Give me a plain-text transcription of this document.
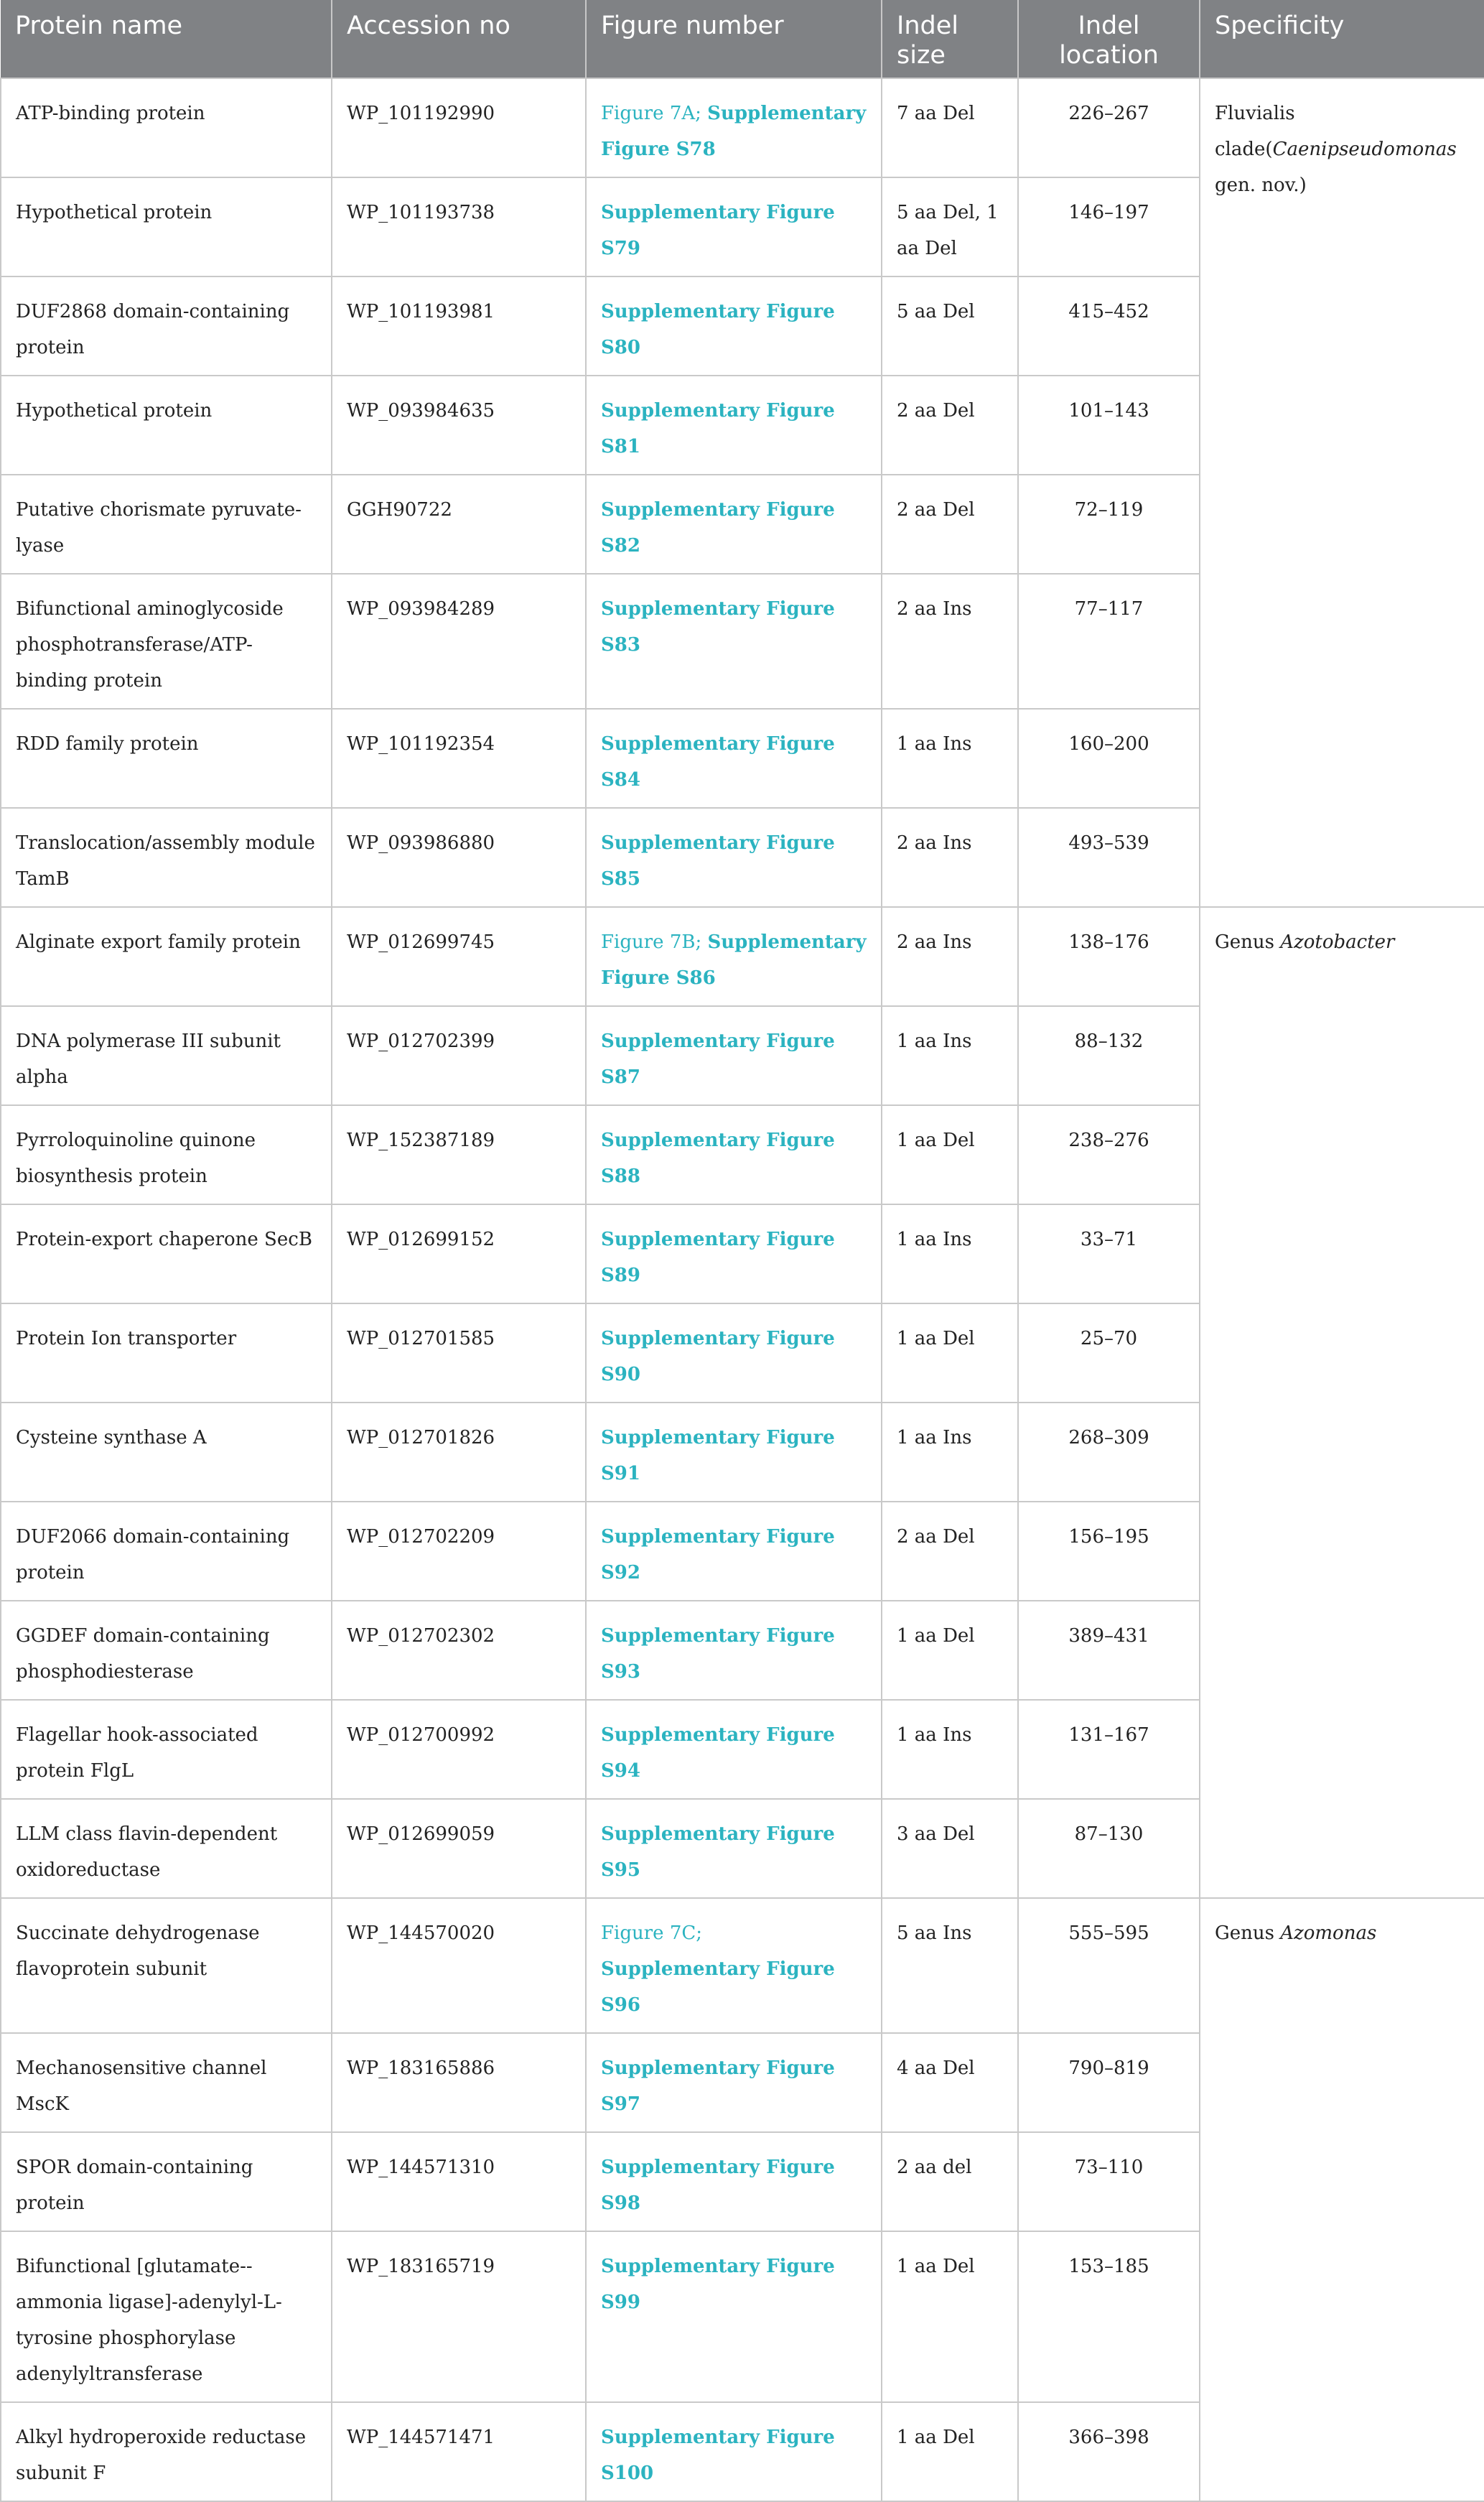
Protein name	Accession no	Figure number	Indel size	Indel location	Specificity
ATP-binding protein	WP_101192990	Figure 7A; Supplementary Figure S78	7 aa Del	226–267	Fluvialis clade(Caenipseudomonas gen. nov.)
Hypothetical protein	WP_101193738	Supplementary Figure S79	5 aa Del, 1 aa Del	146–197	
DUF2868 domain-containing protein	WP_101193981	Supplementary Figure S80	5 aa Del	415–452	
Hypothetical protein	WP_093984635	Supplementary Figure S81	2 aa Del	101–143	
Putative chorismate pyruvate-lyase	GGH90722	Supplementary Figure S82	2 aa Del	72–119	
Bifunctional aminoglycoside phosphotransferase/ATP-binding protein	WP_093984289	Supplementary Figure S83	2 aa Ins	77–117	
RDD family protein	WP_101192354	Supplementary Figure S84	1 aa Ins	160–200	
Translocation/assembly module TamB	WP_093986880	Supplementary Figure S85	2 aa Ins	493–539	
Alginate export family protein	WP_012699745	Figure 7B; Supplementary Figure S86	2 aa Ins	138–176	Genus Azotobacter
DNA polymerase III subunit alpha	WP_012702399	Supplementary Figure S87	1 aa Ins	88–132	
Pyrroloquinoline quinone biosynthesis protein	WP_152387189	Supplementary Figure S88	1 aa Del	238–276	
Protein-export chaperone SecB	WP_012699152	Supplementary Figure S89	1 aa Ins	33–71	
Protein Ion transporter	WP_012701585	Supplementary Figure S90	1 aa Del	25–70	
Cysteine synthase A	WP_012701826	Supplementary Figure S91	1 aa Ins	268–309	
DUF2066 domain-containing protein	WP_012702209	Supplementary Figure S92	2 aa Del	156–195	
GGDEF domain-containing phosphodiesterase	WP_012702302	Supplementary Figure S93	1 aa Del	389–431	
Flagellar hook-associated protein FlgL	WP_012700992	Supplementary Figure S94	1 aa Ins	131–167	
LLM class flavin-dependent oxidoreductase	WP_012699059	Supplementary Figure S95	3 aa Del	87–130	
Succinate dehydrogenase flavoprotein subunit	WP_144570020	Figure 7C; Supplementary Figure S96	5 aa Ins	555–595	Genus Azomonas
Mechanosensitive channel MscK	WP_183165886	Supplementary Figure S97	4 aa Del	790–819	
SPOR domain-containing protein	WP_144571310	Supplementary Figure S98	2 aa del	73–110	
Bifunctional [glutamate--ammonia ligase]-adenylyl-L-tyrosine phosphorylase adenylyltransferase	WP_183165719	Supplementary Figure S99	1 aa Del	153–185	
Alkyl hydroperoxide reductase subunit F	WP_144571471	Supplementary Figure S100	1 aa Del	366–398	
